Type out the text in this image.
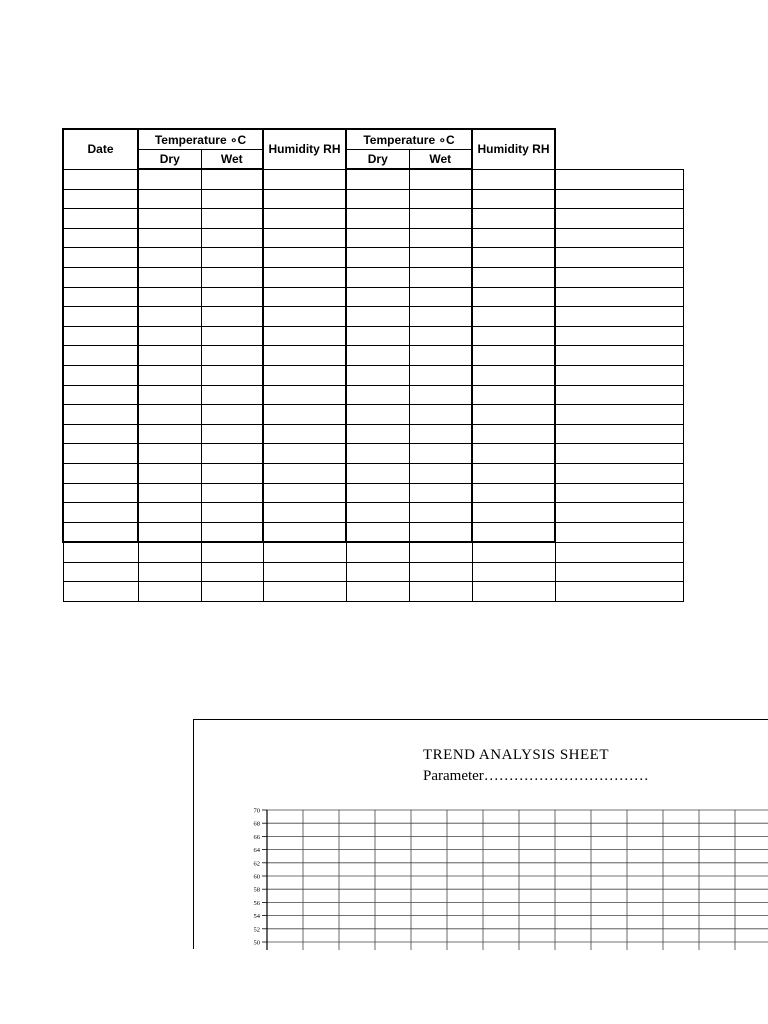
Date	Temperature ∘C		Humidity RH	Temperature ∘C		Humidity RH	
	Dry	Wet		Dry	Wet		

TREND ANALYSIS SHEET
Parameter……………………………
70
68
66
64
62
60
58
56
54
52
50
